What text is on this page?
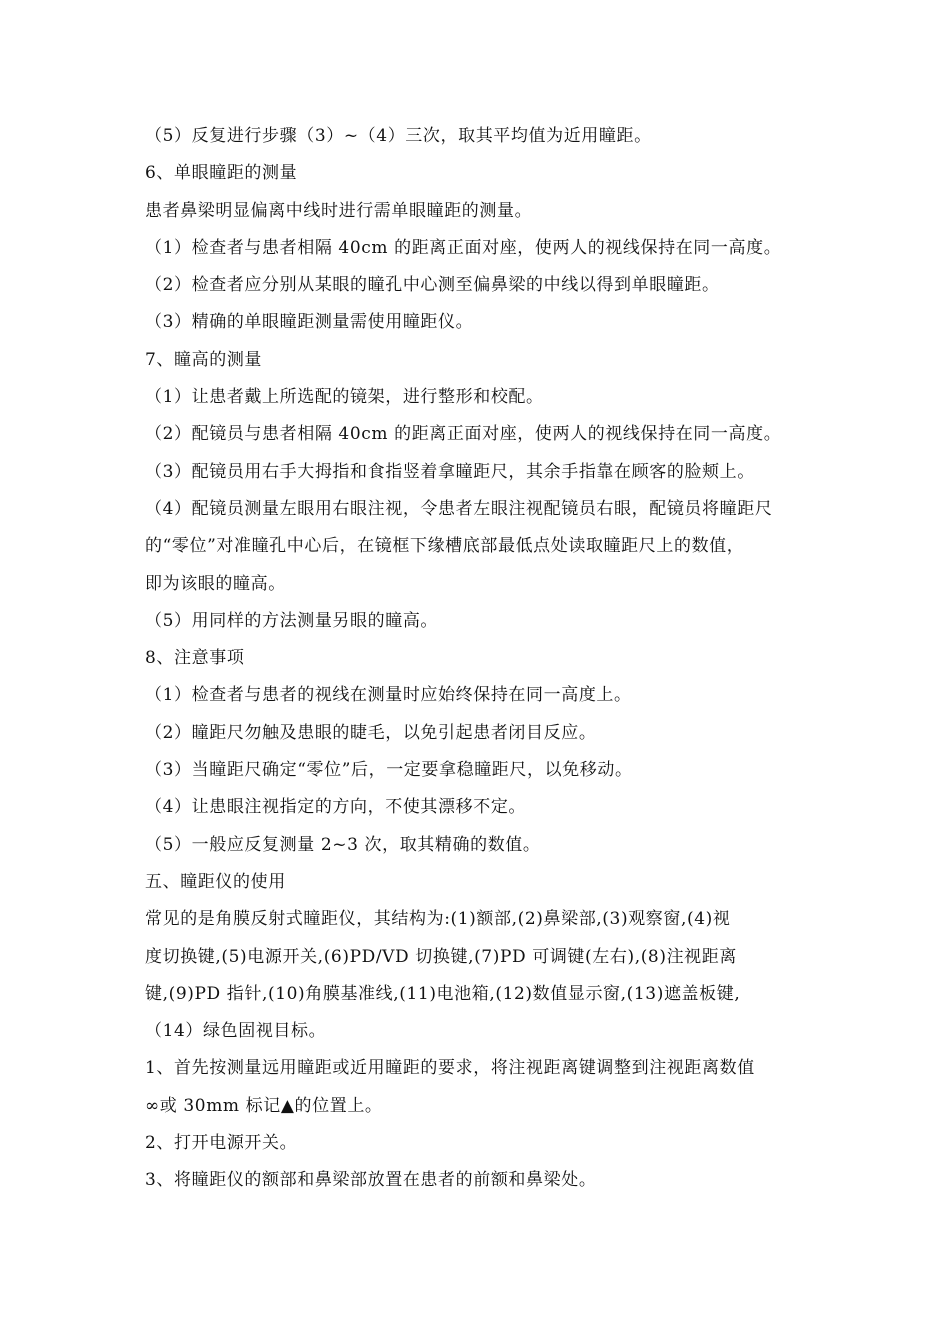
（5）反复进行步骤（3）~（4）三次，取其平均值为近用瞳距。
6、单眼瞳距的测量
患者鼻梁明显偏离中线时进行需单眼瞳距的测量。
（1）检查者与患者相隔 40cm 的距离正面对座，使两人的视线保持在同一高度。
（2）检查者应分别从某眼的瞳孔中心测至偏鼻梁的中线以得到单眼瞳距。
（3）精确的单眼瞳距测量需使用瞳距仪。
7、瞳高的测量
（1）让患者戴上所选配的镜架，进行整形和校配。
（2）配镜员与患者相隔 40cm 的距离正面对座，使两人的视线保持在同一高度。
（3）配镜员用右手大拇指和食指竖着拿瞳距尺，其余手指靠在顾客的脸颊上。
（4）配镜员测量左眼用右眼注视，令患者左眼注视配镜员右眼，配镜员将瞳距尺
的“零位”对准瞳孔中心后，在镜框下缘槽底部最低点处读取瞳距尺上的数值，
即为该眼的瞳高。
（5）用同样的方法测量另眼的瞳高。
8、注意事项
（1）检查者与患者的视线在测量时应始终保持在同一高度上。
（2）瞳距尺勿触及患眼的睫毛，以免引起患者闭目反应。
（3）当瞳距尺确定“零位”后，一定要拿稳瞳距尺，以免移动。
（4）让患眼注视指定的方向，不使其漂移不定。
（5）一般应反复测量 2~3 次，取其精确的数值。
五、瞳距仪的使用
常见的是角膜反射式瞳距仪，其结构为:(1)额部,(2)鼻梁部,(3)观察窗,(4)视
度切换键,(5)电源开关,(6)PD/VD 切换键,(7)PD 可调键(左右),(8)注视距离
键,(9)PD 指针,(10)角膜基准线,(11)电池箱,(12)数值显示窗,(13)遮盖板键,
（14）绿色固视目标。
1、首先按测量远用瞳距或近用瞳距的要求，将注视距离键调整到注视距离数值
∞或 30mm 标记▲的位置上。
2、打开电源开关。
3、将瞳距仪的额部和鼻梁部放置在患者的前额和鼻梁处。
